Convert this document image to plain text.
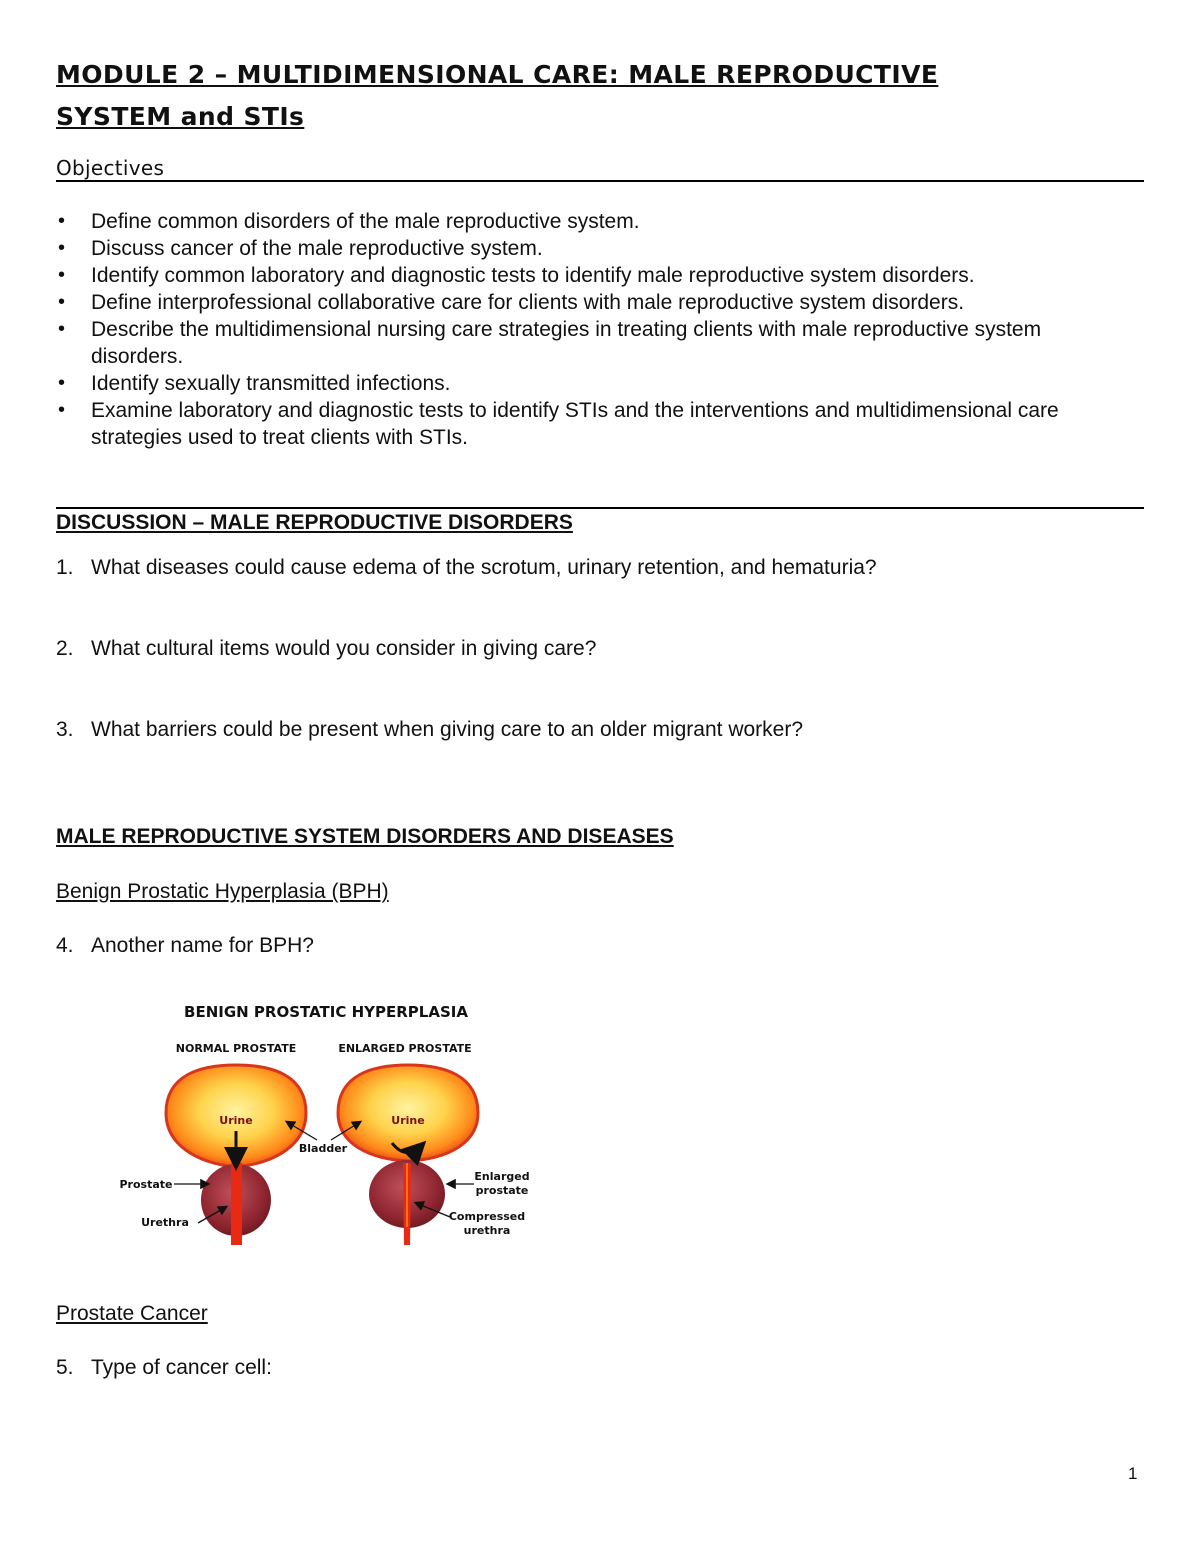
MODULE 2 – MULTIDIMENSIONAL CARE: MALE REPRODUCTIVE
SYSTEM and STIs
Objectives
• Define common disorders of the male reproductive system.
• Discuss cancer of the male reproductive system.
• Identify common laboratory and diagnostic tests to identify male reproductive system disorders.
• Define interprofessional collaborative care for clients with male reproductive system disorders.
• Describe the multidimensional nursing care strategies in treating clients with male reproductive system disorders.
• Identify sexually transmitted infections.
• Examine laboratory and diagnostic tests to identify STIs and the interventions and multidimensional care strategies used to treat clients with STIs.
DISCUSSION – MALE REPRODUCTIVE DISORDERS
1. What diseases could cause edema of the scrotum, urinary retention, and hematuria?
2. What cultural items would you consider in giving care?
3. What barriers could be present when giving care to an older migrant worker?
MALE REPRODUCTIVE SYSTEM DISORDERS AND DISEASES
Benign Prostatic Hyperplasia (BPH)
4. Another name for BPH?
BENIGN PROSTATIC HYPERPLASIA
NORMAL PROSTATE	ENLARGED PROSTATE
Urine	Urine
Bladder
Prostate
Urethra
Enlarged
prostate
Compressed
urethra
Prostate Cancer
5. Type of cancer cell:
1
